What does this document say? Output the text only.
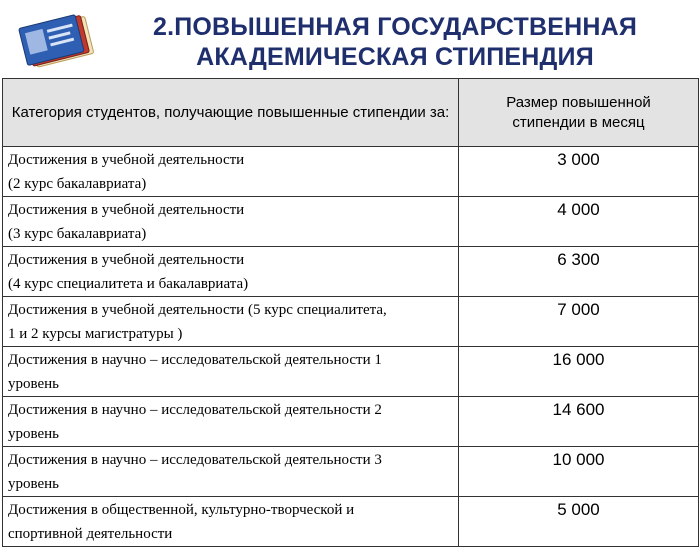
2.ПОВЫШЕННАЯ ГОСУДАРСТВЕННАЯ
АКАДЕМИЧЕСКАЯ СТИПЕНДИЯ
Категория студентов, получающие повышенные стипендии за:	Размер повышенной
стипендии в месяц

Достижения в учебной деятельности
(2 курс бакалавриата)	3 000

Достижения в учебной деятельности
(3 курс бакалавриата)	4 000

Достижения в учебной деятельности
(4 курс специалитета и бакалавриата)	6 300

Достижения в учебной деятельности (5 курс специалитета,
1 и 2 курсы магистратуры )	7 000

Достижения в научно – исследовательской деятельности 1
уровень	16 000

Достижения в научно – исследовательской деятельности 2
уровень	14 600

Достижения в научно – исследовательской деятельности 3
уровень	10 000

Достижения в общественной, культурно-творческой и
спортивной деятельности	5 000
